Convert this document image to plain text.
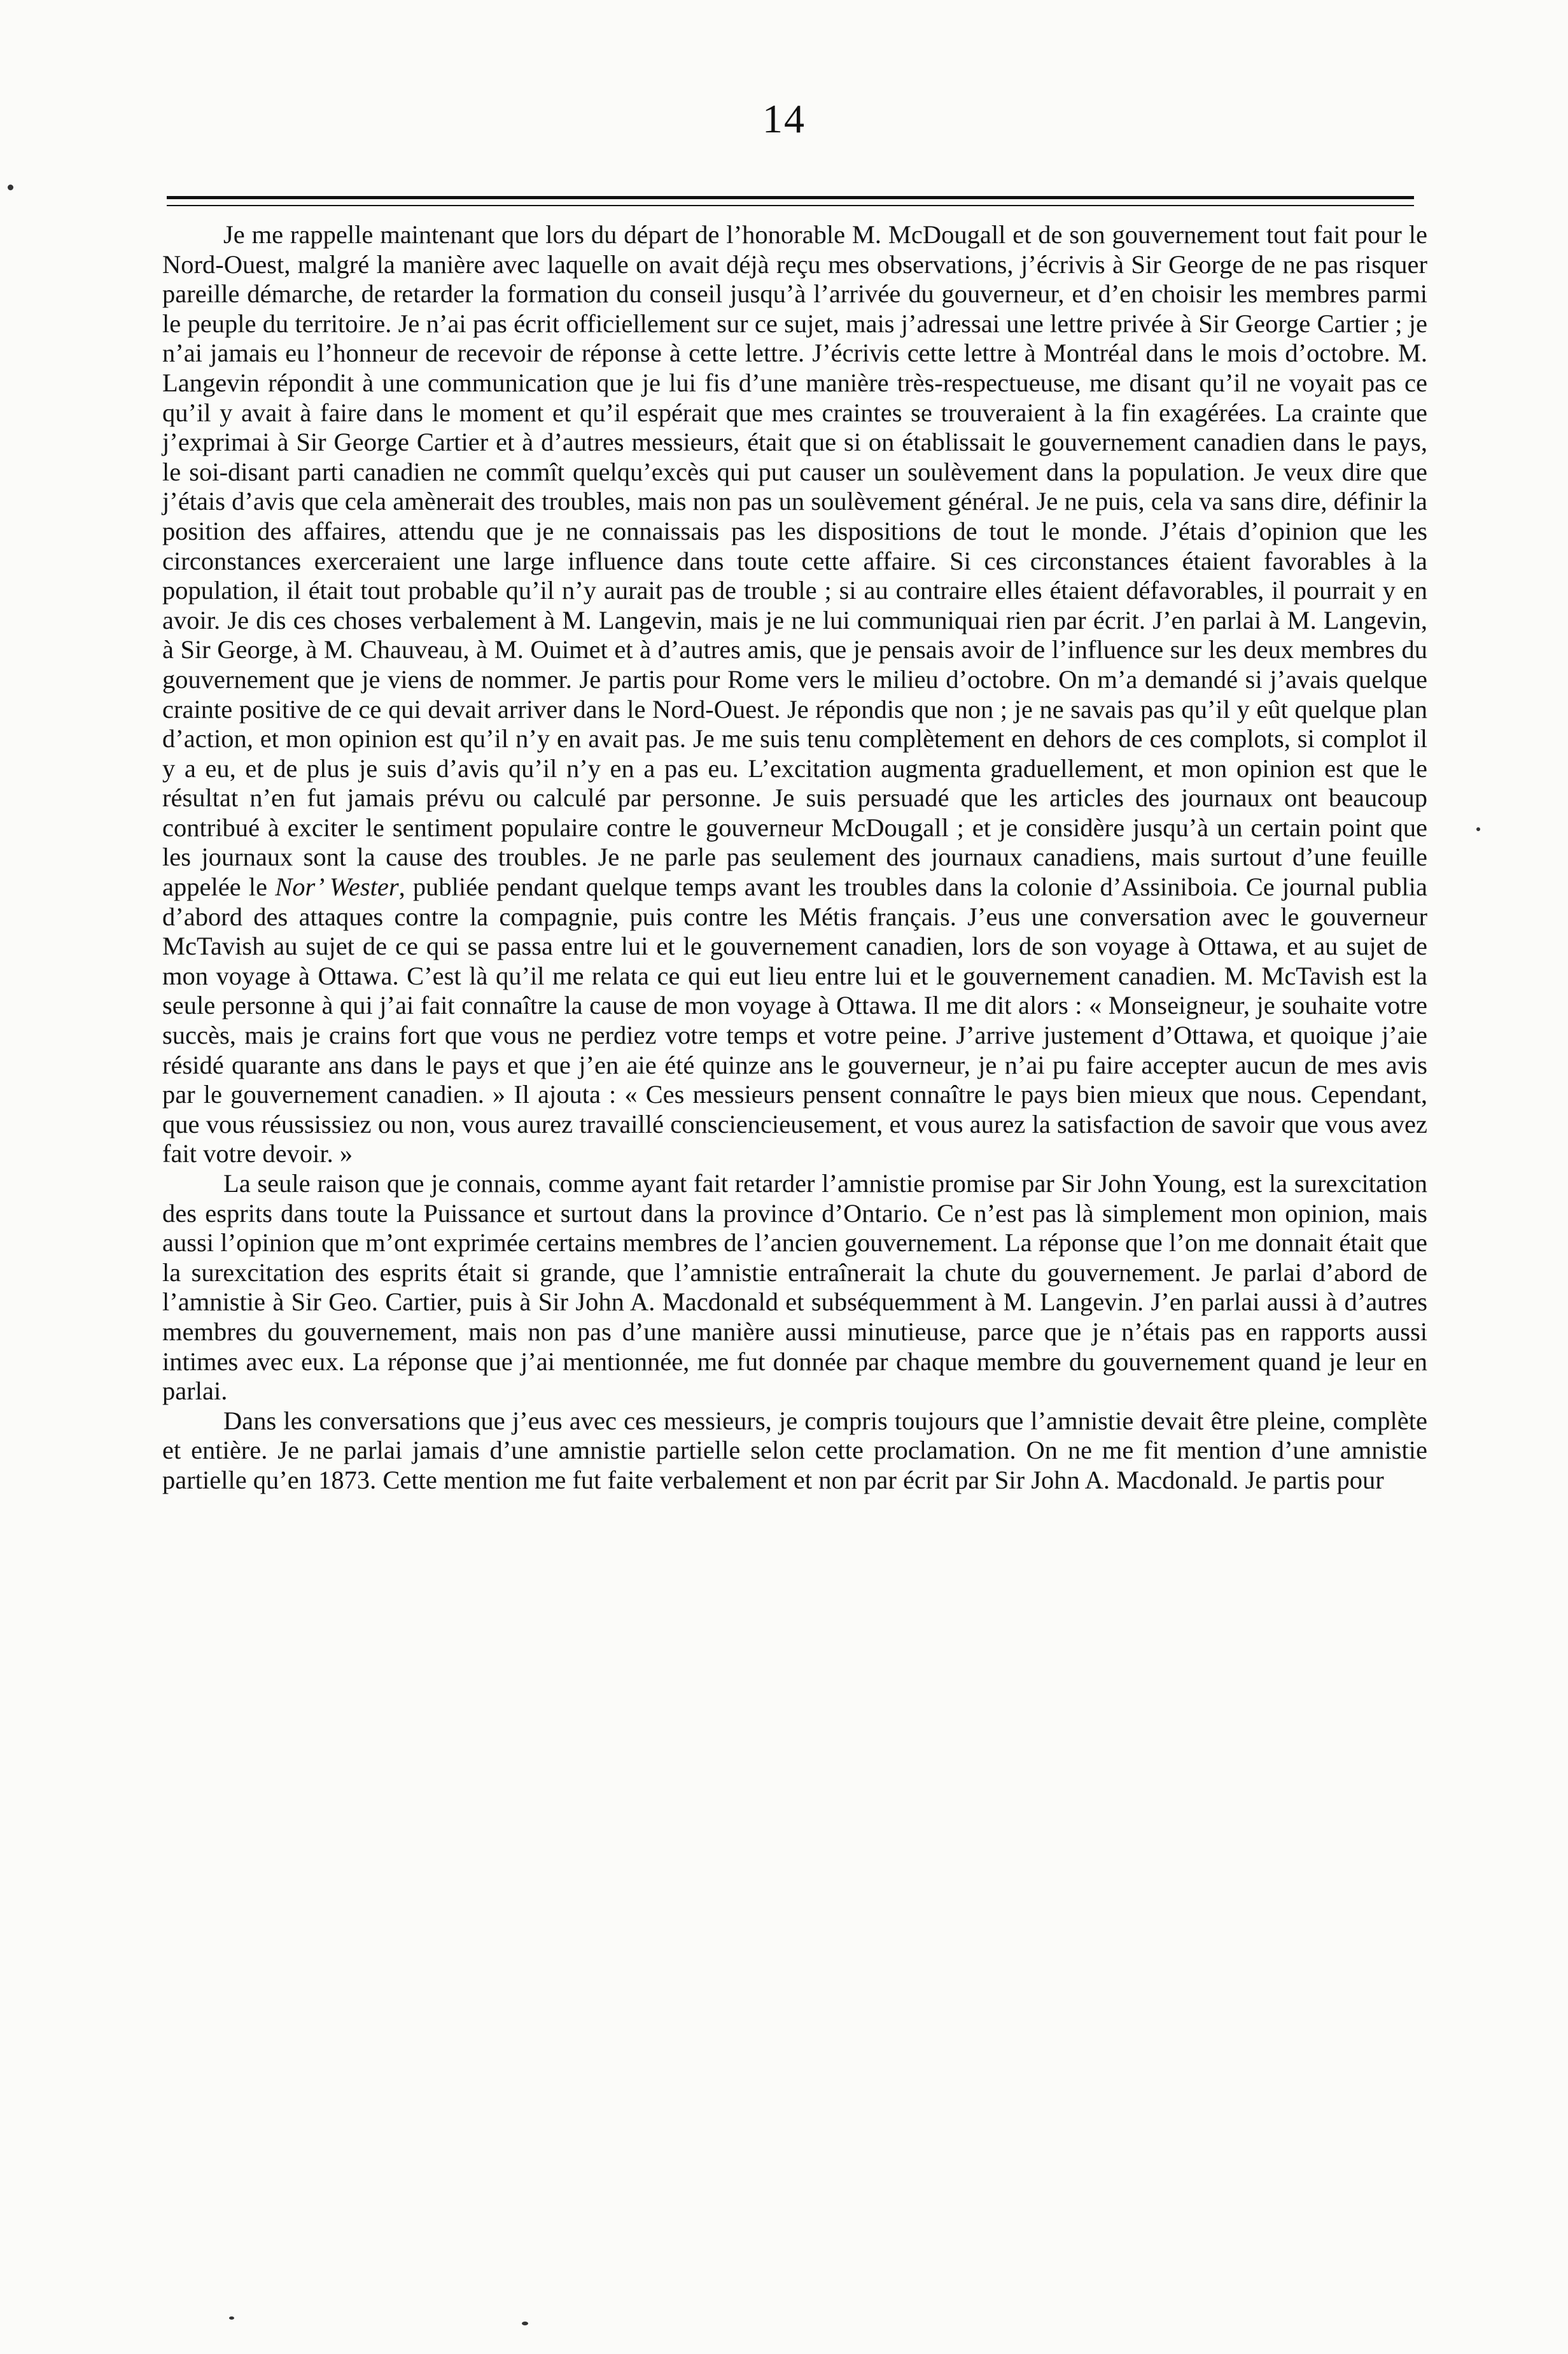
14

Je me rappelle maintenant que lors du départ de l’honorable M. McDougall et de son gouvernement tout fait pour le Nord-Ouest, malgré la manière avec laquelle on avait déjà reçu mes observations, j’écrivis à Sir George de ne pas risquer pareille démarche, de retarder la formation du conseil jusqu’à l’arrivée du gouverneur, et d’en choisir les membres parmi le peuple du territoire. Je n’ai pas écrit officiellement sur ce sujet, mais j’adressai une lettre privée à Sir George Cartier ; je n’ai jamais eu l’honneur de recevoir de réponse à cette lettre. J’écrivis cette lettre à Montréal dans le mois d’octobre. M. Langevin répondit à une communication que je lui fis d’une manière très-respectueuse, me disant qu’il ne voyait pas ce qu’il y avait à faire dans le moment et qu’il espérait que mes craintes se trouveraient à la fin exagérées. La crainte que j’exprimai à Sir George Cartier et à d’autres messieurs, était que si on établissait le gouvernement canadien dans le pays, le soi-disant parti canadien ne commît quelqu’excès qui put causer un soulèvement dans la population. Je veux dire que j’étais d’avis que cela amènerait des troubles, mais non pas un soulèvement général. Je ne puis, cela va sans dire, définir la position des affaires, attendu que je ne connaissais pas les dispositions de tout le monde. J’étais d’opinion que les circonstances exerceraient une large influence dans toute cette affaire. Si ces circonstances étaient favorables à la population, il était tout probable qu’il n’y aurait pas de trouble ; si au contraire elles étaient défavorables, il pourrait y en avoir. Je dis ces choses verbalement à M. Langevin, mais je ne lui communiquai rien par écrit. J’en parlai à M. Langevin, à Sir George, à M. Chauveau, à M. Ouimet et à d’autres amis, que je pensais avoir de l’influence sur les deux membres du gouvernement que je viens de nommer. Je partis pour Rome vers le milieu d’octobre. On m’a demandé si j’avais quelque crainte positive de ce qui devait arriver dans le Nord-Ouest. Je répondis que non ; je ne savais pas qu’il y eût quelque plan d’action, et mon opinion est qu’il n’y en avait pas. Je me suis tenu complètement en dehors de ces complots, si complot il y a eu, et de plus je suis d’avis qu’il n’y en a pas eu. L’excitation augmenta graduellement, et mon opinion est que le résultat n’en fut jamais prévu ou calculé par personne. Je suis persuadé que les articles des journaux ont beaucoup contribué à exciter le sentiment populaire contre le gouverneur McDougall ; et je considère jusqu’à un certain point que les journaux sont la cause des troubles. Je ne parle pas seulement des journaux canadiens, mais surtout d’une feuille appelée le Nor’ Wester, publiée pendant quelque temps avant les troubles dans la colonie d’Assiniboia. Ce journal publia d’abord des attaques contre la compagnie, puis contre les Métis français. J’eus une conversation avec le gouverneur McTavish au sujet de ce qui se passa entre lui et le gouvernement canadien, lors de son voyage à Ottawa, et au sujet de mon voyage à Ottawa. C’est là qu’il me relata ce qui eut lieu entre lui et le gouvernement canadien. M. McTavish est la seule personne à qui j’ai fait connaître la cause de mon voyage à Ottawa. Il me dit alors : « Monseigneur, je souhaite votre succès, mais je crains fort que vous ne perdiez votre temps et votre peine. J’arrive justement d’Ottawa, et quoique j’aie résidé quarante ans dans le pays et que j’en aie été quinze ans le gouverneur, je n’ai pu faire accepter aucun de mes avis par le gouvernement canadien. » Il ajouta : « Ces messieurs pensent connaître le pays bien mieux que nous. Cependant, que vous réussissiez ou non, vous aurez travaillé consciencieusement, et vous aurez la satisfaction de savoir que vous avez fait votre devoir. »

La seule raison que je connais, comme ayant fait retarder l’amnistie promise par Sir John Young, est la surexcitation des esprits dans toute la Puissance et surtout dans la province d’Ontario. Ce n’est pas là simplement mon opinion, mais aussi l’opinion que m’ont exprimée certains membres de l’ancien gouvernement. La réponse que l’on me donnait était que la surexcitation des esprits était si grande, que l’amnistie entraînerait la chute du gouvernement. Je parlai d’abord de l’amnistie à Sir Geo. Cartier, puis à Sir John A. Macdonald et subséquemment à M. Langevin. J’en parlai aussi à d’autres membres du gouvernement, mais non pas d’une manière aussi minutieuse, parce que je n’étais pas en rapports aussi intimes avec eux. La réponse que j’ai mentionnée, me fut donnée par chaque membre du gouvernement quand je leur en parlai.

Dans les conversations que j’eus avec ces messieurs, je compris toujours que l’amnistie devait être pleine, complète et entière. Je ne parlai jamais d’une amnistie partielle selon cette proclamation. On ne me fit mention d’une amnistie partielle qu’en 1873. Cette mention me fut faite verbalement et non par écrit par Sir John A. Macdonald. Je partis pour
